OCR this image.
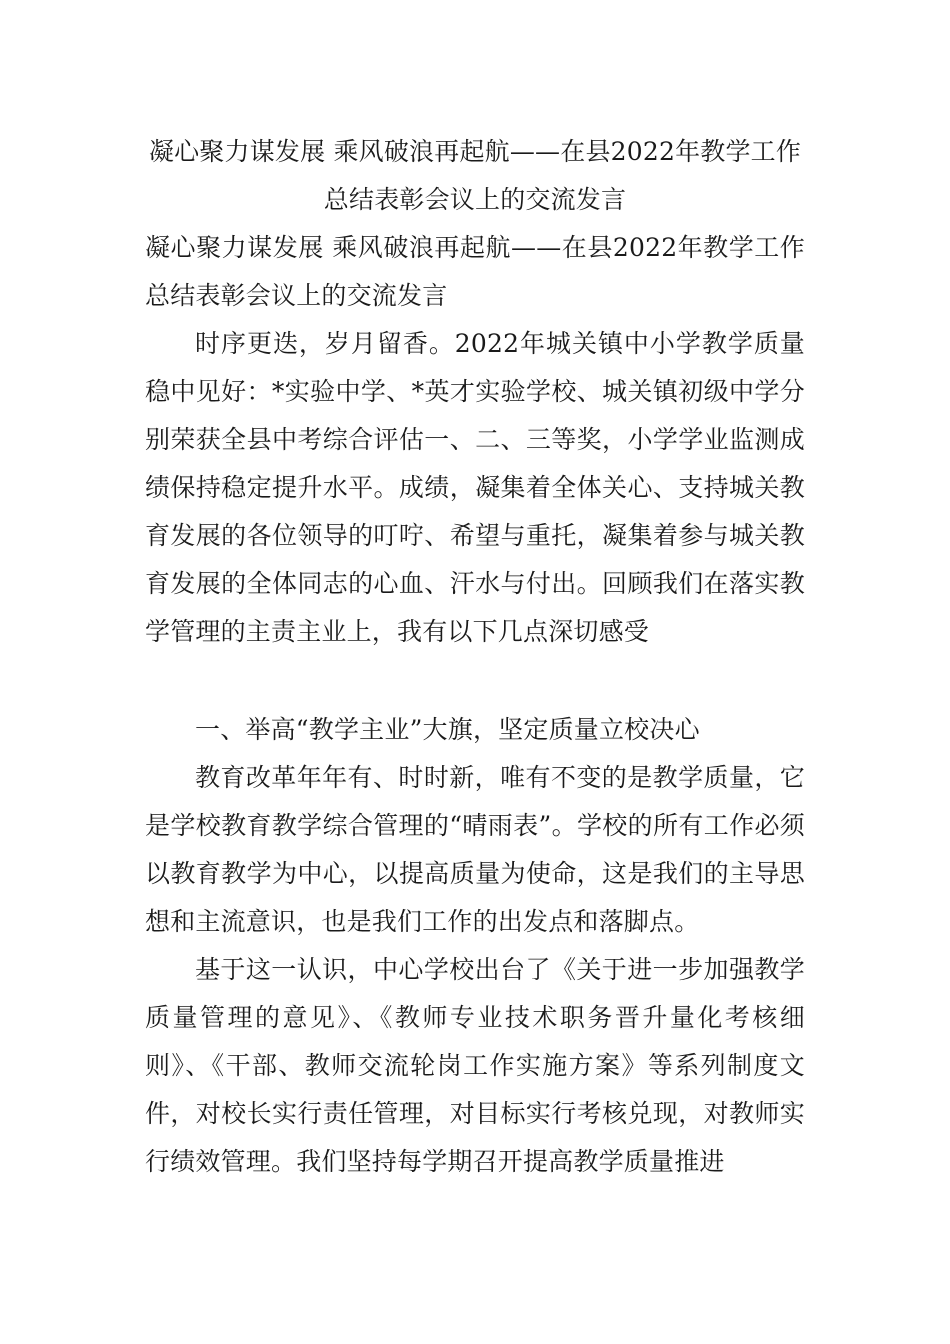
凝心聚力谋发展 乘风破浪再起航——在县2022年教学工作总结表彰会议上的交流发言

凝心聚力谋发展 乘风破浪再起航——在县2022年教学工作总结表彰会议上的交流发言

时序更迭，岁月留香。2022年城关镇中小学教学质量稳中见好：*实验中学、*英才实验学校、城关镇初级中学分别荣获全县中考综合评估一、二、三等奖，小学学业监测成绩保持稳定提升水平。成绩，凝集着全体关心、支持城关教育发展的各位领导的叮咛、希望与重托，凝集着参与城关教育发展的全体同志的心血、汗水与付出。回顾我们在落实教学管理的主责主业上，我有以下几点深切感受

一、举高“教学主业”大旗，坚定质量立校决心

教育改革年年有、时时新，唯有不变的是教学质量，它是学校教育教学综合管理的“晴雨表”。学校的所有工作必须以教育教学为中心，以提高质量为使命，这是我们的主导思想和主流意识，也是我们工作的出发点和落脚点。

基于这一认识，中心学校出台了《关于进一步加强教学质量管理的意见》、《教师专业技术职务晋升量化考核细则》、《干部、教师交流轮岗工作实施方案》等系列制度文件，对校长实行责任管理，对目标实行考核兑现，对教师实行绩效管理。我们坚持每学期召开提高教学质量推进
